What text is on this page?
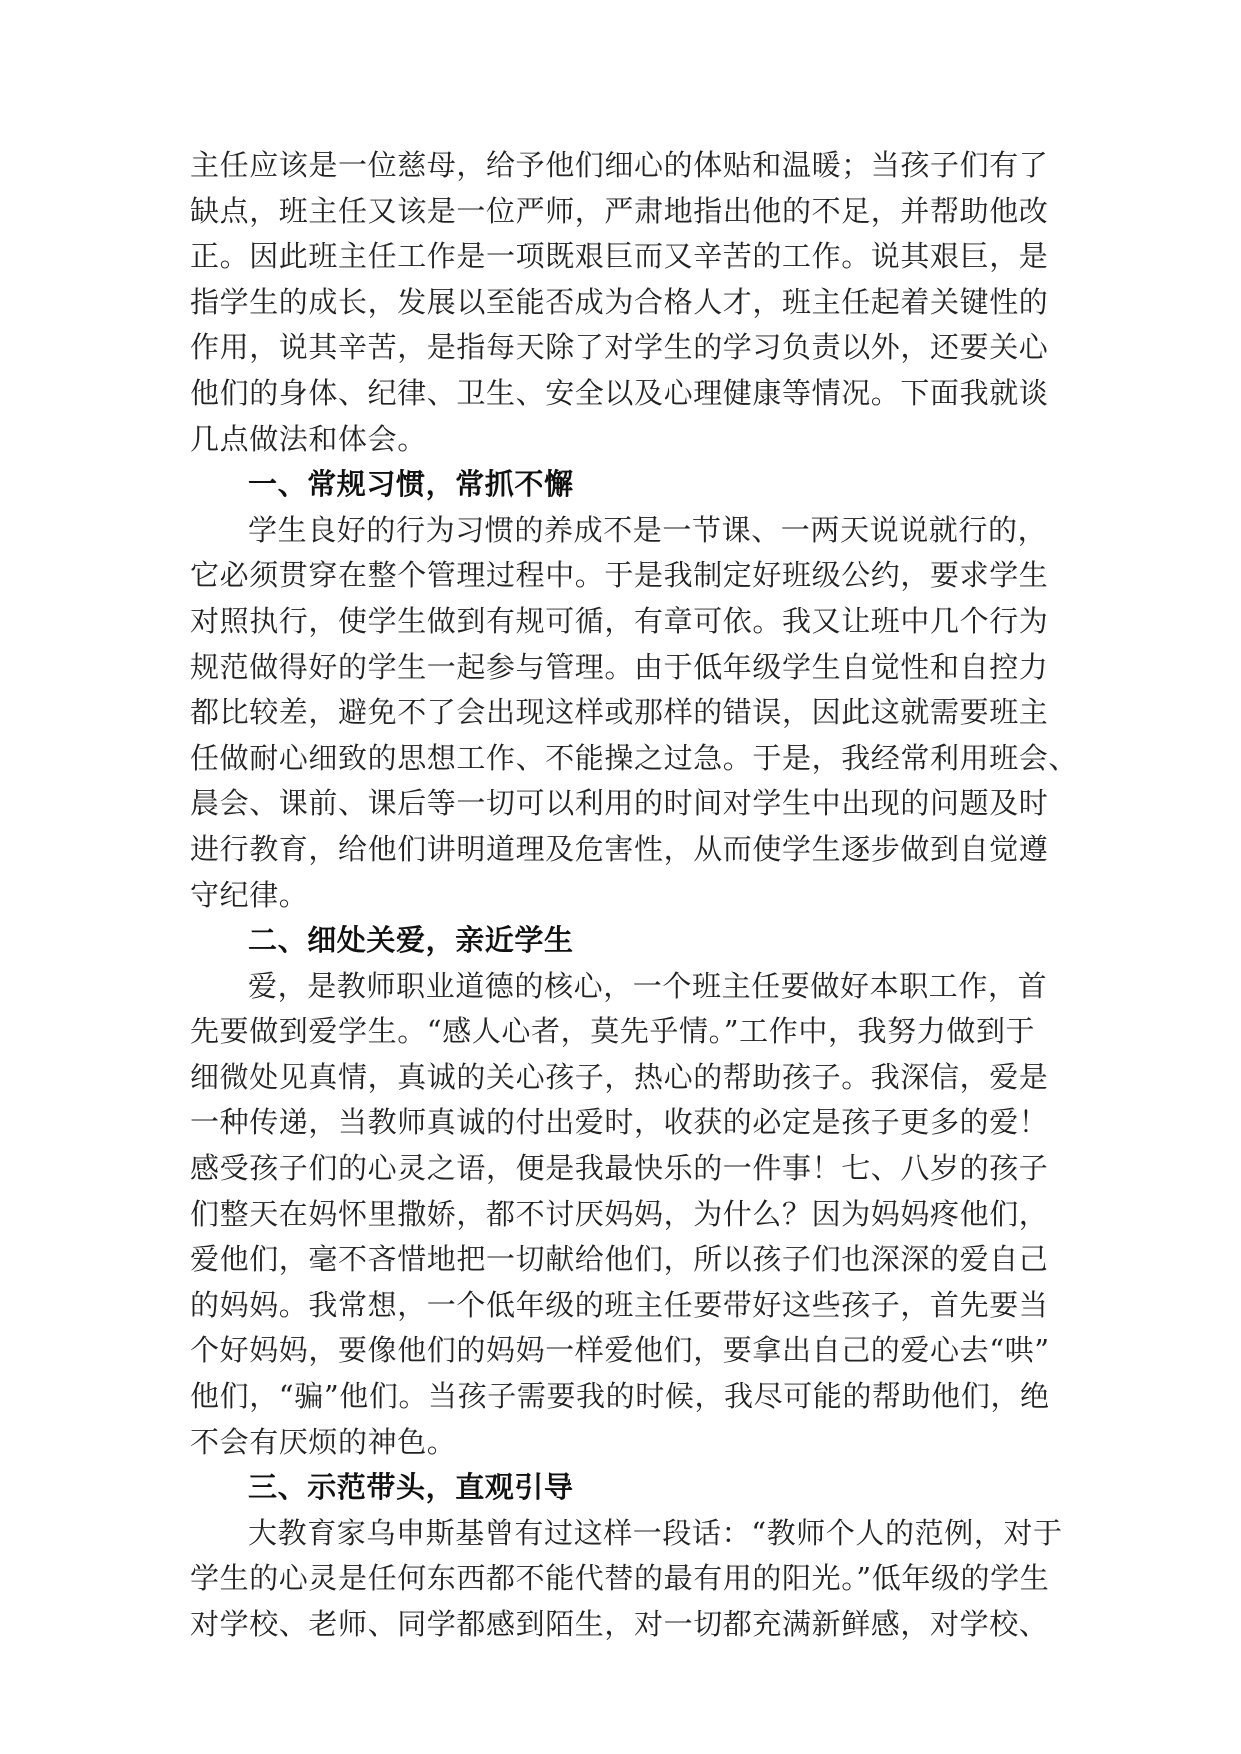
主任应该是一位慈母，给予他们细心的体贴和温暖；当孩子们有了
缺点，班主任又该是一位严师，严肃地指出他的不足，并帮助他改
正。因此班主任工作是一项既艰巨而又辛苦的工作。说其艰巨，是
指学生的成长，发展以至能否成为合格人才，班主任起着关键性的
作用，说其辛苦，是指每天除了对学生的学习负责以外，还要关心
他们的身体、纪律、卫生、安全以及心理健康等情况。下面我就谈
几点做法和体会。
一、常规习惯，常抓不懈
学生良好的行为习惯的养成不是一节课、一两天说说就行的，
它必须贯穿在整个管理过程中。于是我制定好班级公约，要求学生
对照执行，使学生做到有规可循，有章可依。我又让班中几个行为
规范做得好的学生一起参与管理。由于低年级学生自觉性和自控力
都比较差，避免不了会出现这样或那样的错误，因此这就需要班主
任做耐心细致的思想工作、不能操之过急。于是，我经常利用班会、
晨会、课前、课后等一切可以利用的时间对学生中出现的问题及时
进行教育，给他们讲明道理及危害性，从而使学生逐步做到自觉遵
守纪律。
二、细处关爱，亲近学生
爱，是教师职业道德的核心，一个班主任要做好本职工作，首
先要做到爱学生。“感人心者，莫先乎情。”工作中，我努力做到于
细微处见真情，真诚的关心孩子，热心的帮助孩子。我深信，爱是
一种传递，当教师真诚的付出爱时，收获的必定是孩子更多的爱！
感受孩子们的心灵之语，便是我最快乐的一件事！七、八岁的孩子
们整天在妈怀里撒娇，都不讨厌妈妈，为什么？因为妈妈疼他们，
爱他们，毫不吝惜地把一切献给他们，所以孩子们也深深的爱自己
的妈妈。我常想，一个低年级的班主任要带好这些孩子，首先要当
个好妈妈，要像他们的妈妈一样爱他们，要拿出自己的爱心去“哄”
他们，“骗”他们。当孩子需要我的时候，我尽可能的帮助他们，绝
不会有厌烦的神色。
三、示范带头，直观引导
大教育家乌申斯基曾有过这样一段话：“教师个人的范例，对于
学生的心灵是任何东西都不能代替的最有用的阳光。”低年级的学生
对学校、老师、同学都感到陌生，对一切都充满新鲜感，对学校、
